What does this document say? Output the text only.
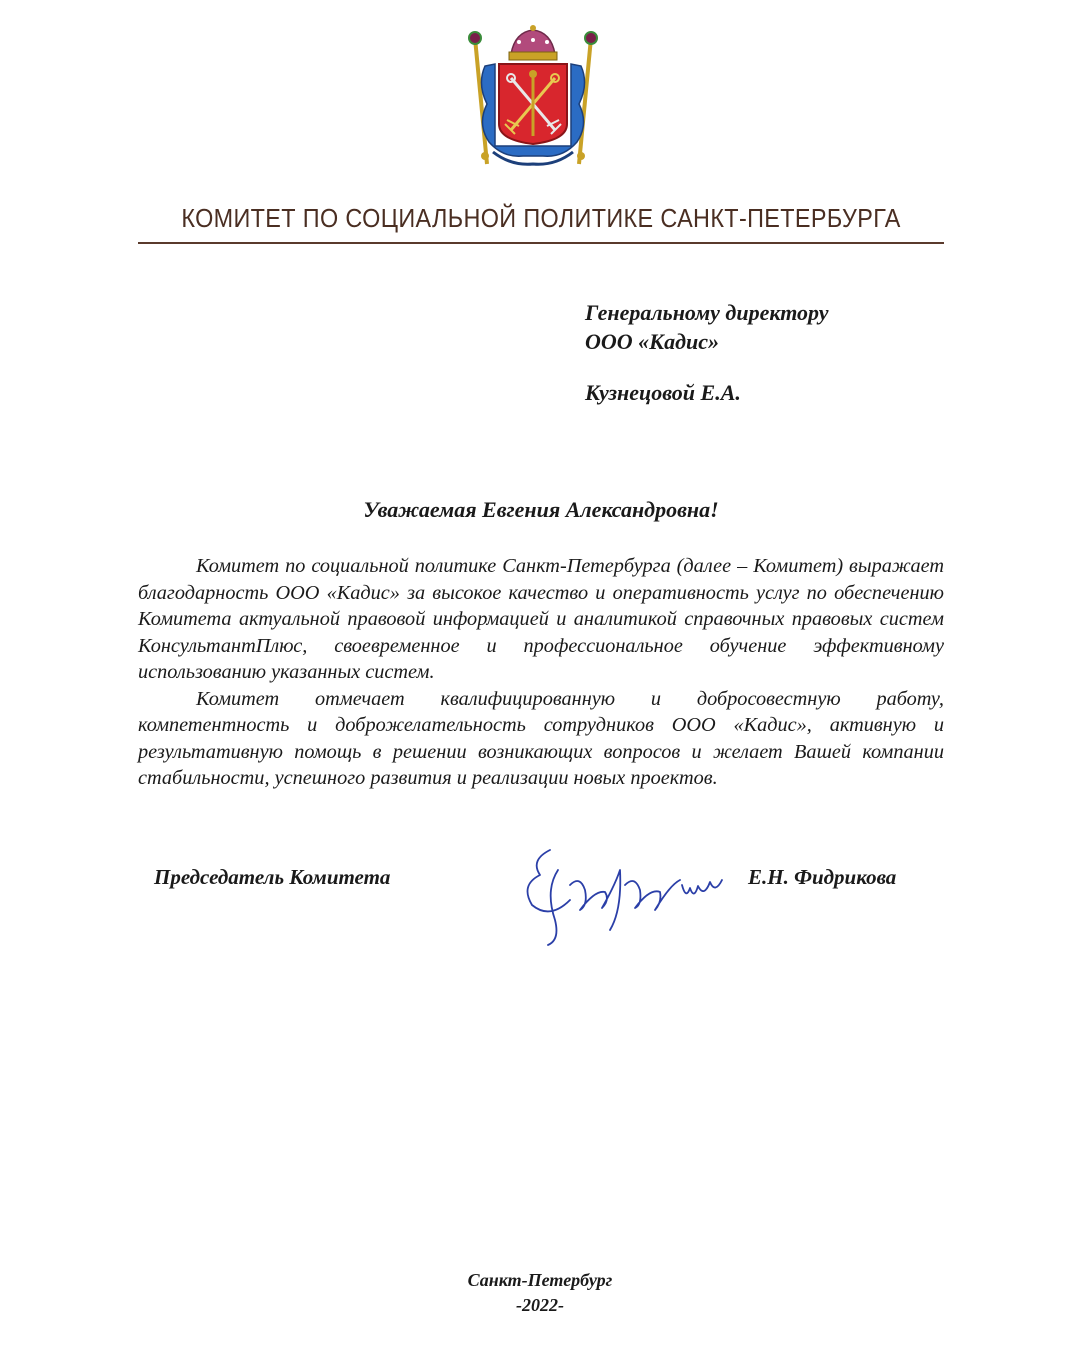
КОМИТЕТ ПО СОЦИАЛЬНОЙ ПОЛИТИКЕ САНКТ-ПЕТЕРБУРГА
Генеральному директору
ООО «Кадис»
Кузнецовой Е.А.
Уважаемая Евгения Александровна!

Комитет по социальной политике Санкт-Петербурга (далее – Комитет) выражает благодарность ООО «Кадис» за высокое качество и оперативность услуг по обеспечению Комитета актуальной правовой информацией и аналитикой справочных правовых систем КонсультантПлюс, своевременное и профессиональное обучение эффективному использованию указанных систем.

Комитет отмечает квалифицированную и добросовестную работу, компетентность и доброжелательность сотрудников ООО «Кадис», активную и результативную помощь в решении возникающих вопросов и желает Вашей компании стабильности, успешного развития и реализации новых проектов.

Председатель Комитета	Е.Н. Фидрикова
Санкт-Петербург
-2022-
